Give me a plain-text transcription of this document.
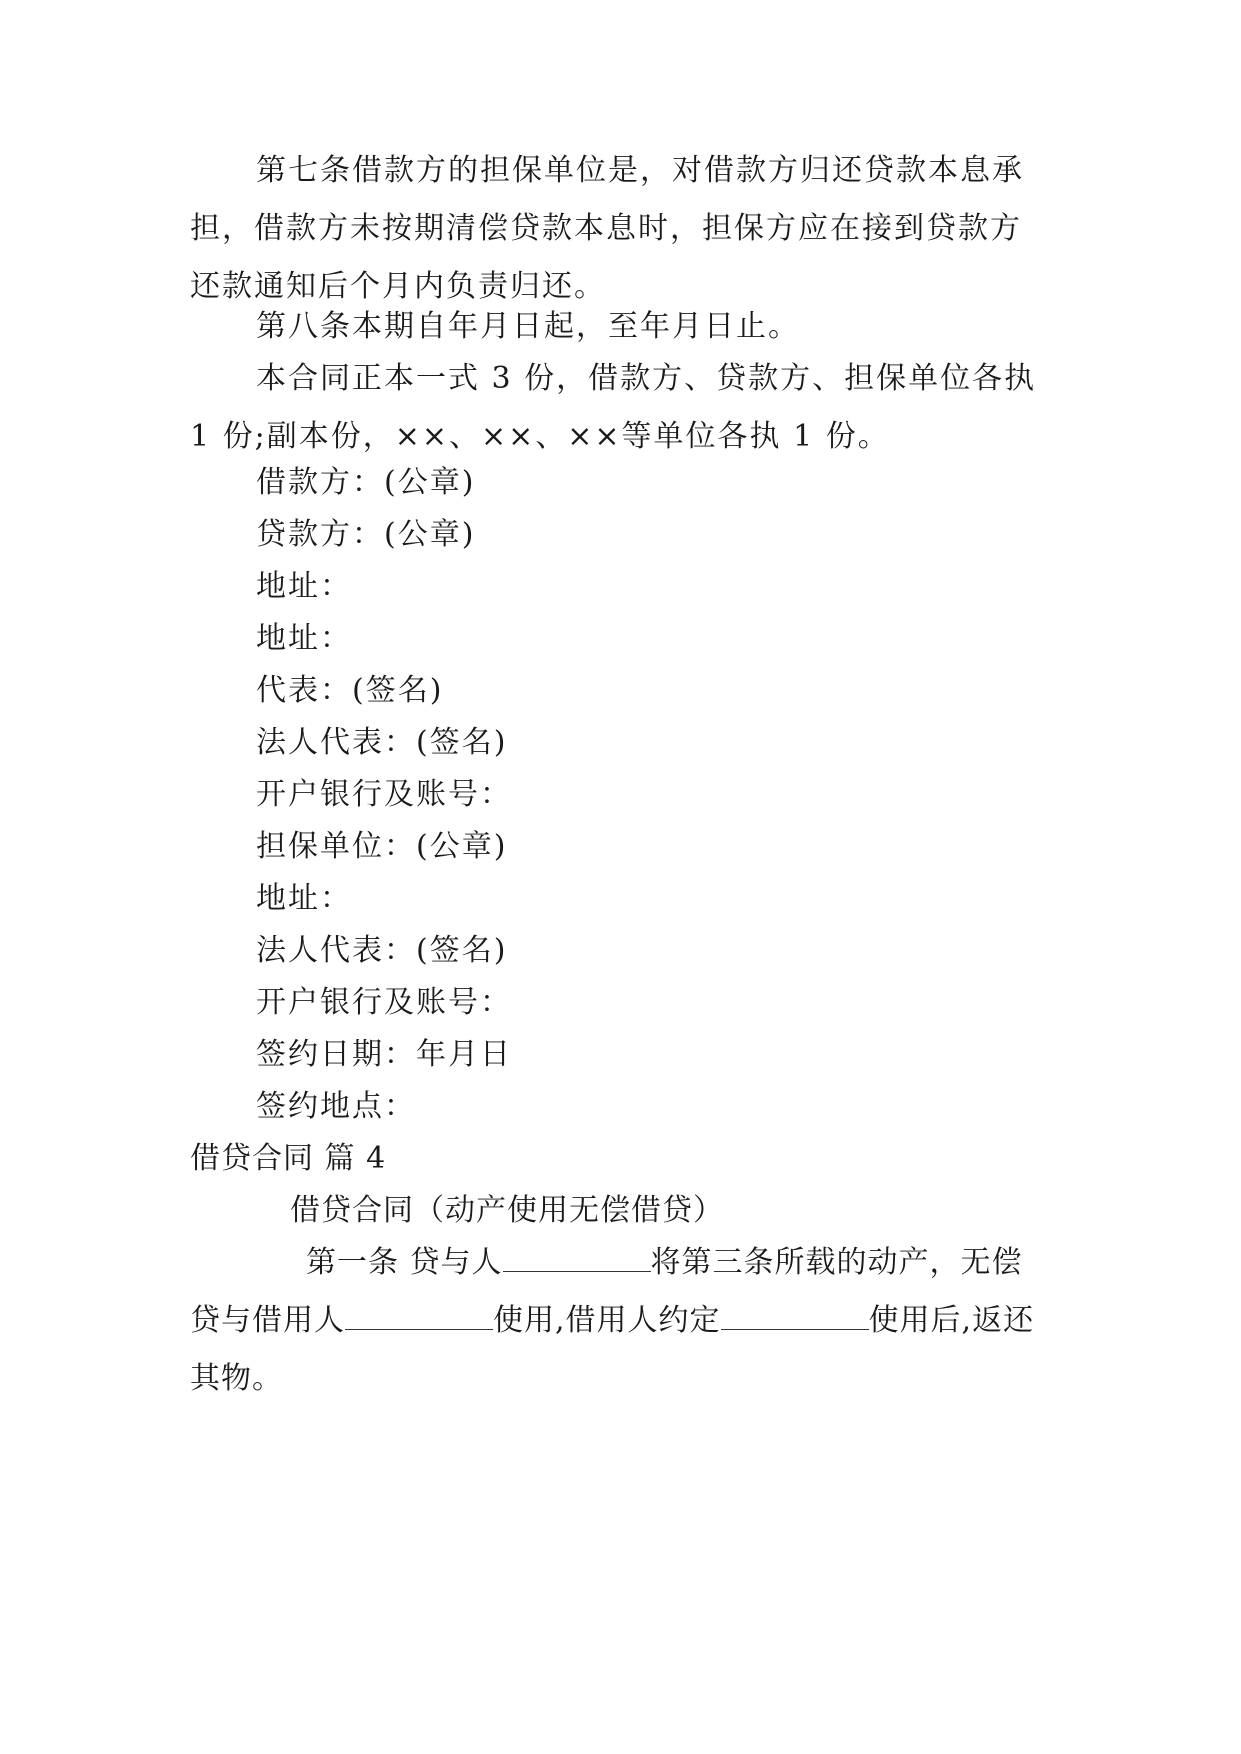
第七条借款方的担保单位是，对借款方归还贷款本息承担，借款方未按期清偿贷款本息时，担保方应在接到贷款方还款通知后个月内负责归还。

第八条本期自年月日起，至年月日止。

本合同正本一式 3 份，借款方、贷款方、担保单位各执 1 份;副本份，××、××、××等单位各执 1 份。

借款方：(公章)
贷款方：(公章)
地址：
地址：
代表：(签名)
法人代表：(签名)
开户银行及账号：
担保单位：(公章)
地址：
法人代表：(签名)
开户银行及账号：
签约日期：年月日
签约地点：
借贷合同 篇 4
借贷合同（动产使用无偿借贷）

第一条 贷与人	将第三条所载的动产，无偿贷与借用人	使用,借用人约定	使用后,返还其物。
